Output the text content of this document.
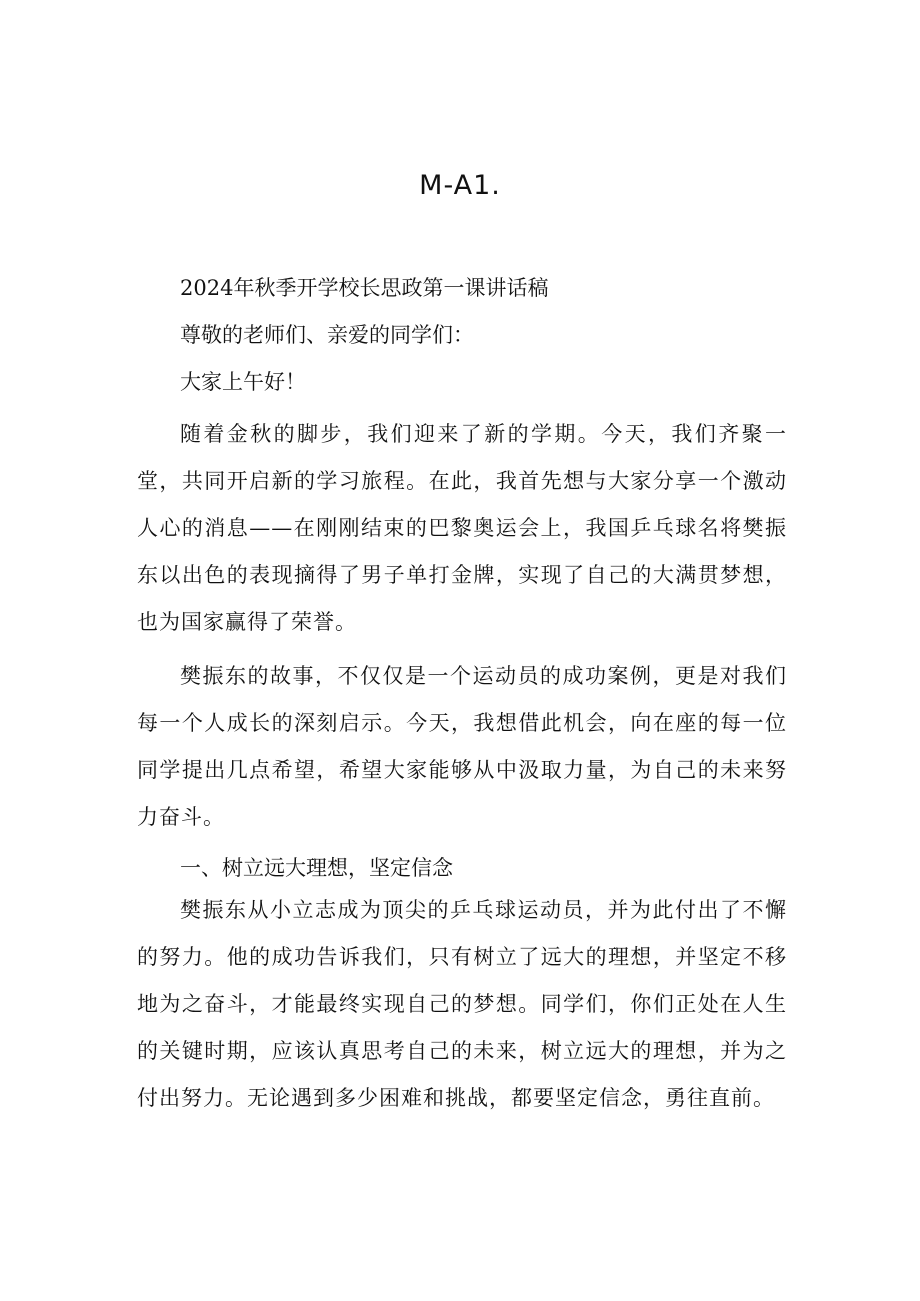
M-A1.
2024年秋季开学校长思政第一课讲话稿
尊敬的老师们、亲爱的同学们：
大家上午好！

随着金秋的脚步，我们迎来了新的学期。今天，我们齐聚一堂，共同开启新的学习旅程。在此，我首先想与大家分享一个激动人心的消息——在刚刚结束的巴黎奥运会上，我国乒乓球名将樊振东以出色的表现摘得了男子单打金牌，实现了自己的大满贯梦想，也为国家赢得了荣誉。

樊振东的故事，不仅仅是一个运动员的成功案例，更是对我们每一个人成长的深刻启示。今天，我想借此机会，向在座的每一位同学提出几点希望，希望大家能够从中汲取力量，为自己的未来努力奋斗。

一、树立远大理想，坚定信念

樊振东从小立志成为顶尖的乒乓球运动员，并为此付出了不懈的努力。他的成功告诉我们，只有树立了远大的理想，并坚定不移地为之奋斗，才能最终实现自己的梦想。同学们，你们正处在人生的关键时期，应该认真思考自己的未来，树立远大的理想，并为之付出努力。无论遇到多少困难和挑战，都要坚定信念，勇往直前。
